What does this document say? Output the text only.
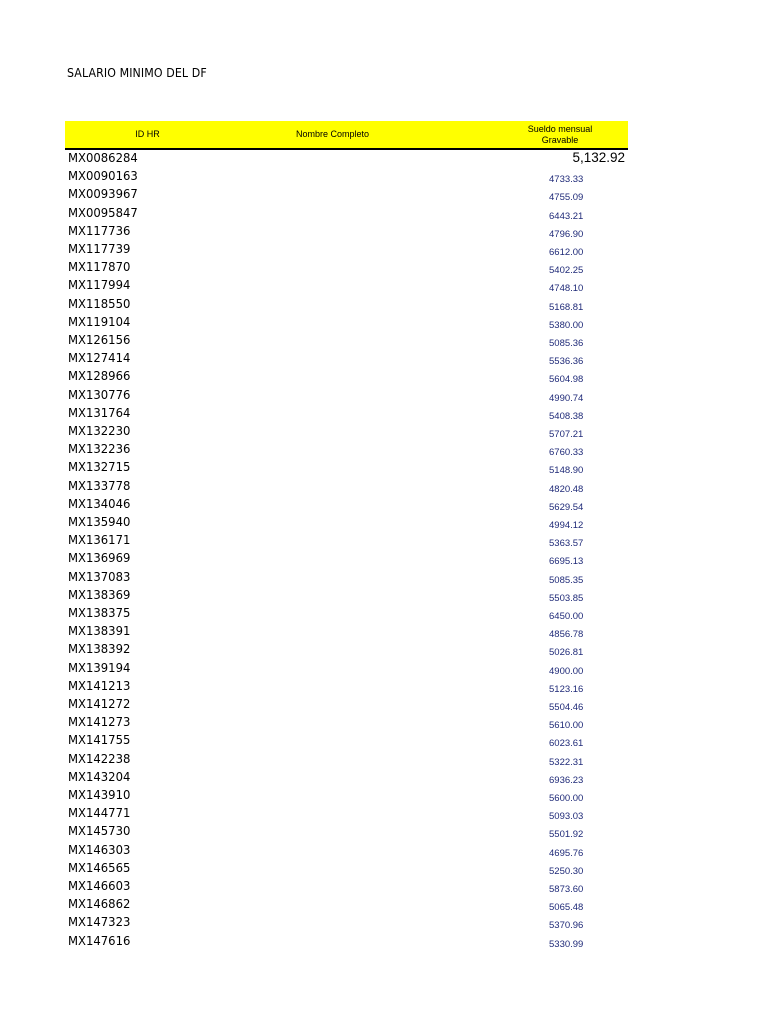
SALARIO MINIMO DEL DF
ID HR	Nombre Completo	Sueldo mensual
Gravable
MX0086284	5,132.92
MX0090163	4733.33
MX0093967	4755.09
MX0095847	6443.21
MX117736	4796.90
MX117739	6612.00
MX117870	5402.25
MX117994	4748.10
MX118550	5168.81
MX119104	5380.00
MX126156	5085.36
MX127414	5536.36
MX128966	5604.98
MX130776	4990.74
MX131764	5408.38
MX132230	5707.21
MX132236	6760.33
MX132715	5148.90
MX133778	4820.48
MX134046	5629.54
MX135940	4994.12
MX136171	5363.57
MX136969	6695.13
MX137083	5085.35
MX138369	5503.85
MX138375	6450.00
MX138391	4856.78
MX138392	5026.81
MX139194	4900.00
MX141213	5123.16
MX141272	5504.46
MX141273	5610.00
MX141755	6023.61
MX142238	5322.31
MX143204	6936.23
MX143910	5600.00
MX144771	5093.03
MX145730	5501.92
MX146303	4695.76
MX146565	5250.30
MX146603	5873.60
MX146862	5065.48
MX147323	5370.96
MX147616	5330.99
